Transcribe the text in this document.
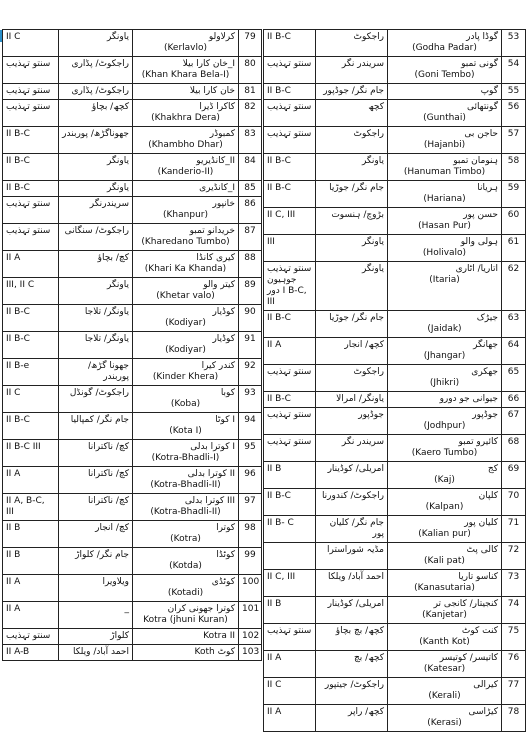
II B-C	راجکوٹ	گوڈا پادر
(Godha Padar)	53
سنتو تہذیب	سریندر نگر	گونی تمبو
(Goni Tembo)	54
II B-C	جام نگر/ جوڈپور	گوپ	55
سنتو تہذیب	کچھ	گونتھائی
(Gunthai)	56
سنتو تہذیب	راجکوٹ	حاجن بی
(Hajanbi)	57
II B-C	یاونگر	ہنومان تمبو
(Hanuman Timbo)	58
II B-C	جام نگر/ جوڑیا	ہریانا
(Hariana)	59
II C, III	بڑوچ/ ہنسوت	حسن پور
(Hasan Pur)	60
III	یاونگر	ہولی والو
(Holivalo)	61
سنتو تہذیب جوہیون دور I B-C, III	یاونگر	اتاریا/ اٹاری
(Itaria)	62
II B-C	جام نگر/ جوڑیا	جیڑک
(Jaidak)	63
II A	کچھ/ انجار	جھانگر
(Jhangar)	64
سنتو تہذیب	راجکوٹ	جھکری
(Jhikri)	65
II B-C	یاونگر/ امرالا	جیوانی جو دورو	66
سنتو تہذیب	جوڈپور	جوڈپور
(Jodhpur)	67
سنتو تہذیب	سریندر نگر	کائیرو تمبو
(Kaero Tumbo)	68
II B	امریلی/ کوڈینار	کج
(Kaj)	69
II B-C	راجکوٹ/ کندورنا	کلپان
(Kalpan)	70
II B- C	جام نگر/ کلیان پور	کلیان پور
(Kalian pur)	71
	مڈیہ شوراسترا	کالی پٹ
(Kali pat)	72
II C, III	احمد آباد/ ویلکا	کناسو تاریا
(Kanasutaria)	73
II B	امریلی/ کوڈینار	کنجیتار/ کانجی تر
(Kanjetar)	74
سنتو تہذیب	کچھ/ بچ بچاؤ	کنت کوٹ
(Kanth Kot)	75
II A	کچھ/ بچ	کاتیسر/ کوتیسر
(Katesar)	76
II C	راجکوٹ/ جیتپور	کیرالی
(Kerali)	77
II A	کچھ/ راپر	کیڑاسی
(Kerasi)	78
II C	یاونگر	کرلاولو
(Kerlavlo)	79
سنتو تہذیب	راجکوٹ/ پڈاری	خان کارا بیلا_I
(Khan Khara Bela-I)	80
سنتو تہذیب	راجکوٹ/ پڈاری	خان کارا بیلا	81
سنتو تہذیب	کچھ/ بچاؤ	کاکرا ڈیرا
(Khakhra Dera)	82
II B-C	جھوناگڑھ/ پوربندر	کمبوڈر
(Khambho Dhar)	83
II B-C	یاونگر	کانڈیریو_II
(Kanderio-II)	84
II B-C	یاونگر	کانڈیری_I	85
سنتو تہذیب	سریندرنگر	خانپور
(Khanpur)	86
سنتو تہذیب	راجکوٹ/ سنگانی	خریدانو تمبو
(Kharedano Tumbo)	87
II A	کچ/ بچاؤ	کیری کانڈا
(Khari Ka Khanda)	88
III, II C	یاونگر	کیتر والو
(Khetar valo)	89
II B-C	یاونگر/ تلاجا	کوڈیار
(Kodiyar)	90
II B-C	یاونگر/ تلاجا	کوڈیار
(Kodiyar)	91
II B-e	جھونا گڑھ/ پوربندر	کندر کیرا
(Kinder Khera)	92
II C	راجکوٹ/ گونڈل	کوبا
(Koba)	93
II B-C	جام نگر/ کمپالیا	کوٹا I
(Kota I)	94
II B-C III	کچ/ ناکترانا	کوترا بدلی I
(Kotra-Bhadli-I)	95
II A	کچ/ ناکترانا	کوترا بدلی II
(Kotra-Bhadli-II)	96
II A, B-C, III	کچ/ ناکترانا	کوترا بدلی III
(Kotra-Bhadli-II)	97
II B	کچ/ انجار	کوترا
(Kotra)	98
II B	جام نگر/ کلواڑ	کوٹڈا
(Kotda)	99
II A	ویلاویرا	کوٹڈی
(Kotadi)	100
II A	_	کوترا جھونی کران
Kotra (jhuni Kuran)	101
سنتو تہذیب	کلواڑ	Kotra II	102
II A-B	احمد آباد/ ویلکا	Koth کوٹ	103
